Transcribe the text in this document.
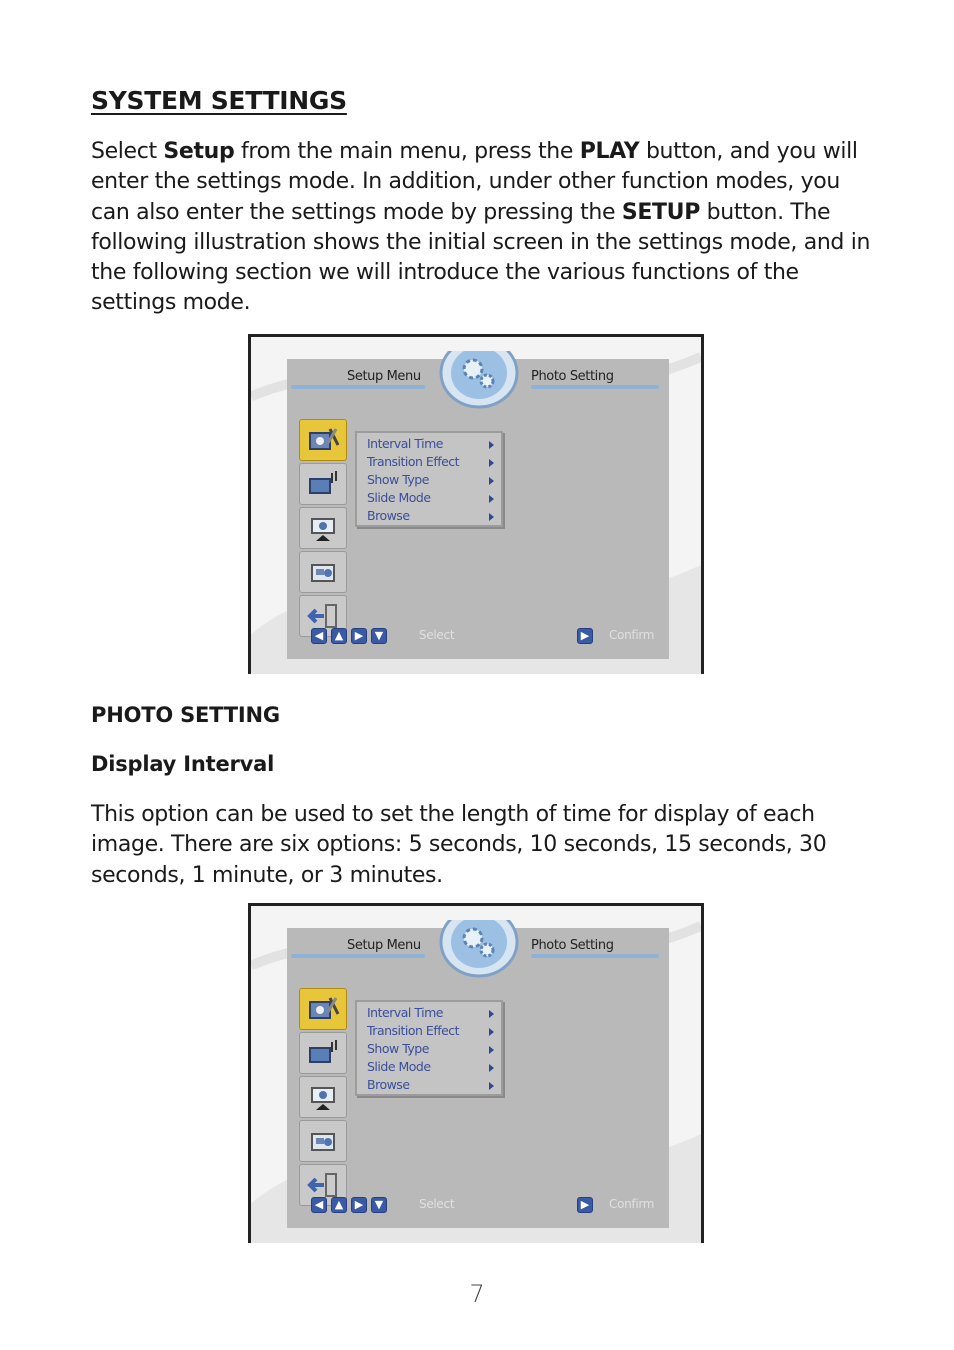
SYSTEM SETTINGS

Select Setup from the main menu, press the PLAY button, and you will enter the settings mode. In addition, under other function modes, you can also enter the settings mode by pressing the SETUP button. The following illustration shows the initial screen in the settings mode, and in the following section we will introduce the various functions of the settings mode.

PHOTO SETTING
Display Interval

This option can be used to set the length of time for display of each image. There are six options: 5 seconds, 10 seconds, 15 seconds, 30 seconds, 1 minute, or 3 minutes.

Setup Menu	Photo Setting
Interval Time
Transition Effect
Show Type
Slide Mode
Browse
◀	▲	▶	▼	Select	▶	Confirm
Setup Menu	Photo Setting
Interval Time
Transition Effect
Show Type
Slide Mode
Browse
◀	▲	▶	▼	Select	▶	Confirm
7
